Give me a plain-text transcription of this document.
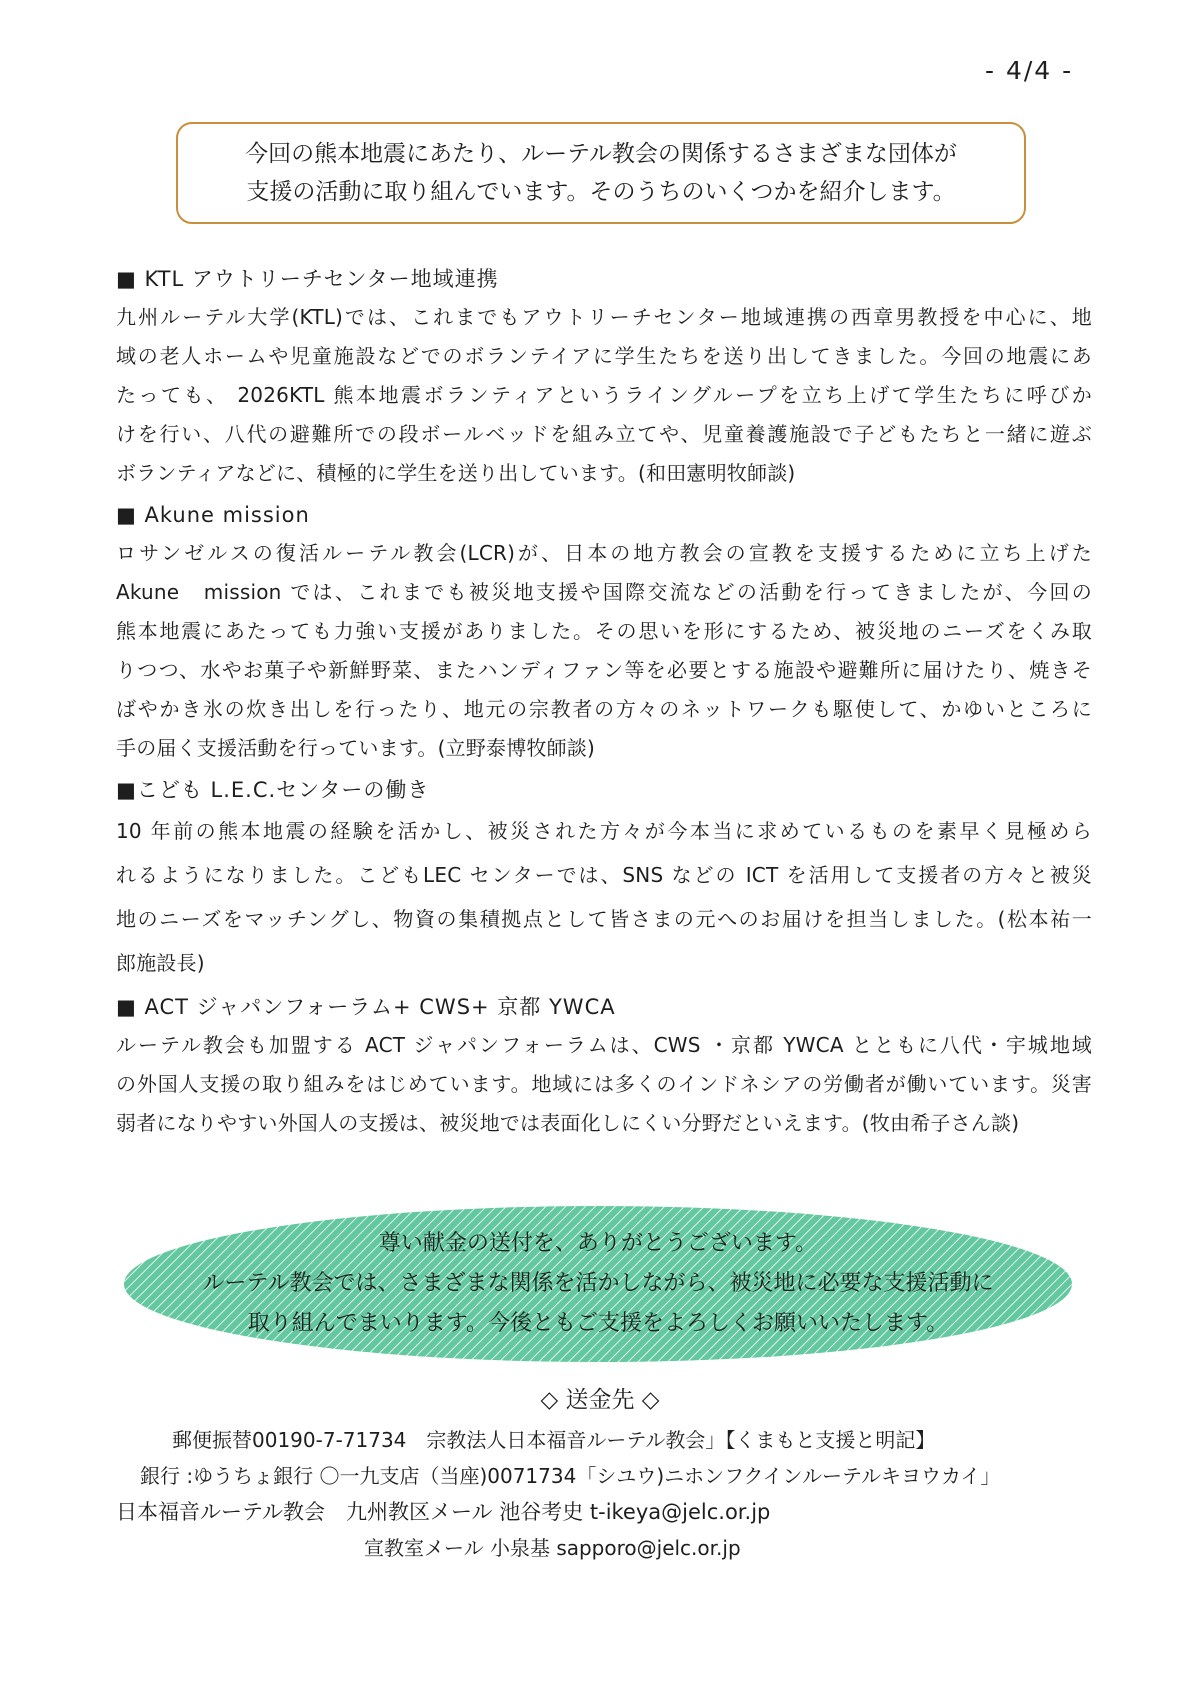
- 4/4 -
今回の熊本地震にあたり、ルーテル教会の関係するさまざまな団体が
支援の活動に取り組んでいます。そのうちのいくつかを紹介します。
■ KTL アウトリーチセンター地域連携
九州ルーテル大学(KTL)では、これまでもアウトリーチセンター地域連携の西章男教授を中心に、地
域の老人ホームや児童施設などでのボランテイアに学生たちを送り出してきました。今回の地震にあ
たっても、 2026KTL 熊本地震ボランティアというライングループを立ち上げて学生たちに呼びか
けを行い、八代の避難所での段ボールベッドを組み立てや、児童養護施設で子どもたちと一緒に遊ぶ
ボランティアなどに、積極的に学生を送り出しています。(和田憲明牧師談)
■ Akune mission
ロサンゼルスの復活ルーテル教会(LCR)が、日本の地方教会の宣教を支援するために立ち上げた
Akune　mission では、これまでも被災地支援や国際交流などの活動を行ってきましたが、今回の
熊本地震にあたっても力強い支援がありました。その思いを形にするため、被災地のニーズをくみ取
りつつ、水やお菓子や新鮮野菜、またハンディファン等を必要とする施設や避難所に届けたり、焼きそ
ばやかき氷の炊き出しを行ったり、地元の宗教者の方々のネットワークも駆使して、かゆいところに
手の届く支援活動を行っています。(立野泰博牧師談)
■こども L.E.C.センターの働き
10 年前の熊本地震の経験を活かし、被災された方々が今本当に求めているものを素早く見極めら
れるようになりました。こどもLEC センターでは、SNS などの ICT を活用して支援者の方々と被災
地のニーズをマッチングし、物資の集積拠点として皆さまの元へのお届けを担当しました。(松本祐一
郎施設長)
■ ACT ジャパンフォーラム+ CWS+ 京都 YWCA
ルーテル教会も加盟する ACT ジャパンフォーラムは、CWS ・京都 YWCA とともに八代・宇城地域
の外国人支援の取り組みをはじめています。地域には多くのインドネシアの労働者が働いています。災害
弱者になりやすい外国人の支援は、被災地では表面化しにくい分野だといえます。(牧由希子さん談)
尊い献金の送付を、ありがとうございます。
ルーテル教会では、さまざまな関係を活かしながら、被災地に必要な支援活動に
取り組んでまいります。今後ともご支援をよろしくお願いいたします。
◇ 送金先 ◇
郵便振替00190-7-71734　宗教法人日本福音ルーテル教会」【くまもと支援と明記】
銀行 :ゆうちょ銀行 〇一九支店（当座)0071734「シユウ)ニホンフクインルーテルキヨウカイ」
日本福音ルーテル教会　九州教区メール 池谷考史 t-ikeya@jelc.or.jp
宣教室メール 小泉基 sapporo@jelc.or.jp
